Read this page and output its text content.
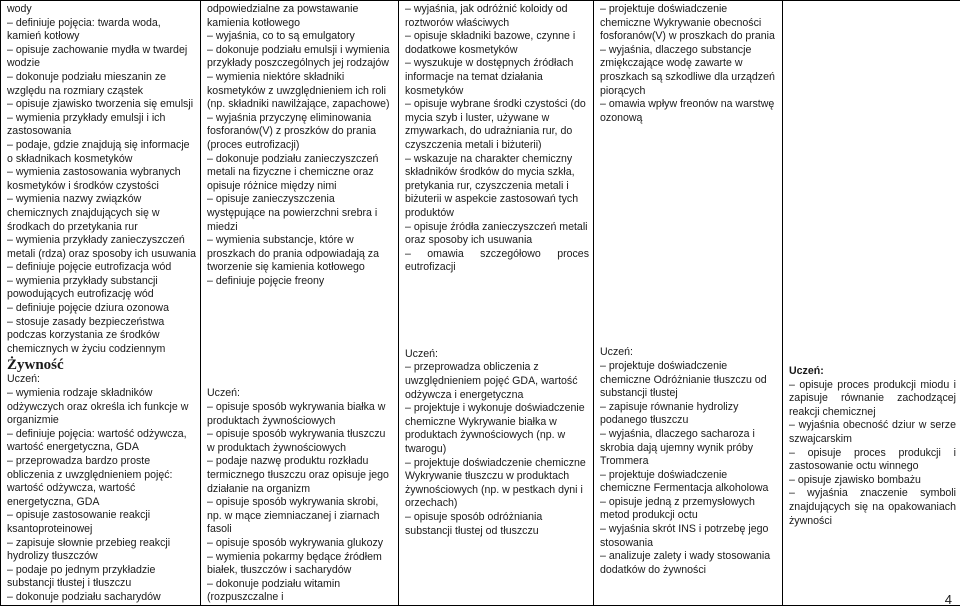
wody
– definiuje pojęcia: twarda woda, kamień kotłowy
– opisuje zachowanie mydła w twardej wodzie
– dokonuje podziału mieszanin ze względu na rozmiary cząstek
– opisuje zjawisko tworzenia się emulsji
– wymienia przykłady emulsji i ich zastosowania
– podaje, gdzie znajdują się informacje o składnikach kosmetyków
– wymienia zastosowania wybranych kosmetyków i środków czystości
– wymienia nazwy związków chemicznych znajdujących się w środkach do przetykania rur
– wymienia przykłady zanieczyszczeń metali (rdza) oraz sposoby ich usuwania
– definiuje pojęcie eutrofizacja wód
– wymienia przykłady substancji powodujących eutrofizację wód
– definiuje pojęcie dziura ozonowa
– stosuje zasady bezpieczeństwa podczas korzystania ze środków chemicznych w życiu codziennym
Żywność
Uczeń:
– wymienia rodzaje składników odżywczych oraz określa ich funkcje w organizmie
– definiuje pojęcia: wartość odżywcza, wartość energetyczna, GDA
– przeprowadza bardzo proste obliczenia z uwzględnieniem pojęć: wartość odżywcza, wartość energetyczna, GDA
– opisuje zastosowanie reakcji ksantoproteinowej
– zapisuje słownie przebieg reakcji hydrolizy tłuszczów
– podaje po jednym przykładzie substancji tłustej i tłuszczu
– dokonuje podziału sacharydów

odpowiedzialne za powstawanie kamienia kotłowego
– wyjaśnia, co to są emulgatory
– dokonuje podziału emulsji i wymienia przykłady poszczególnych jej rodzajów
– wymienia niektóre składniki kosmetyków z uwzględnieniem ich roli (np. składniki nawilżające, zapachowe)
– wyjaśnia przyczynę eliminowania fosforanów(V) z proszków do prania (proces eutrofizacji)
– dokonuje podziału zanieczyszczeń metali na fizyczne i chemiczne oraz opisuje różnice między nimi
– opisuje zanieczyszczenia występujące na powierzchni srebra i miedzi
– wymienia substancje, które w proszkach do prania odpowiadają za tworzenie się kamienia kotłowego
– definiuje pojęcie freony
Uczeń:
– opisuje sposób wykrywania białka w produktach żywnościowych
– opisuje sposób wykrywania tłuszczu w produktach żywnościowych
– podaje nazwę produktu rozkładu termicznego tłuszczu oraz opisuje jego działanie na organizm
– opisuje sposób wykrywania skrobi, np. w mące ziemniaczanej i ziarnach fasoli
– opisuje sposób wykrywania glukozy
– wymienia pokarmy będące źródłem białek, tłuszczów i sacharydów
– dokonuje podziału witamin (rozpuszczalne i

– wyjaśnia, jak odróżnić koloidy od roztworów właściwych
– opisuje składniki bazowe, czynne i dodatkowe kosmetyków
– wyszukuje w dostępnych źródłach informacje na temat działania kosmetyków
– opisuje wybrane środki czystości (do mycia szyb i luster, używane w zmywarkach, do udrażniania rur, do czyszczenia metali i biżuterii)
– wskazuje na charakter chemiczny składników środków do mycia szkła, pretykania rur, czyszczenia metali i biżuterii w aspekcie zastosowań tych produktów
– opisuje źródła zanieczyszczeń metali oraz sposoby ich usuwania
– omawia szczegółowo proces eutrofizacji
Uczeń:
– przeprowadza obliczenia z uwzględnieniem pojęć GDA, wartość odżywcza i energetyczna
– projektuje i wykonuje doświadczenie chemiczne Wykrywanie białka w produktach żywnościowych (np. w twarogu)
– projektuje doświadczenie chemiczne Wykrywanie tłuszczu w produktach żywnościowych (np. w pestkach dyni i orzechach)
– opisuje sposób odróżniania substancji tłustej od tłuszczu

– projektuje doświadczenie chemiczne Wykrywanie obecności fosforanów(V) w proszkach do prania
– wyjaśnia, dlaczego substancje zmiękczające wodę zawarte w proszkach są szkodliwe dla urządzeń piorących
– omawia wpływ freonów na warstwę ozonową
Uczeń:
– projektuje doświadczenie chemiczne Odróżnianie tłuszczu od substancji tłustej
– zapisuje równanie hydrolizy podanego tłuszczu
– wyjaśnia, dlaczego sacharoza i skrobia dają ujemny wynik próby Trommera
– projektuje doświadczenie chemiczne Fermentacja alkoholowa
– opisuje jedną z przemysłowych metod produkcji octu
– wyjaśnia skrót INS i potrzebę jego stosowania
– analizuje zalety i wady stosowania dodatków do żywności

Uczeń:
– opisuje proces produkcji miodu i zapisuje równanie zachodzącej reakcji chemicznej
– wyjaśnia obecność dziur w serze szwajcarskim
– opisuje proces produkcji i zastosowanie octu winnego
– opisuje zjawisko bombażu
– wyjaśnia znaczenie symboli znajdujących się na opakowaniach żywności
4
